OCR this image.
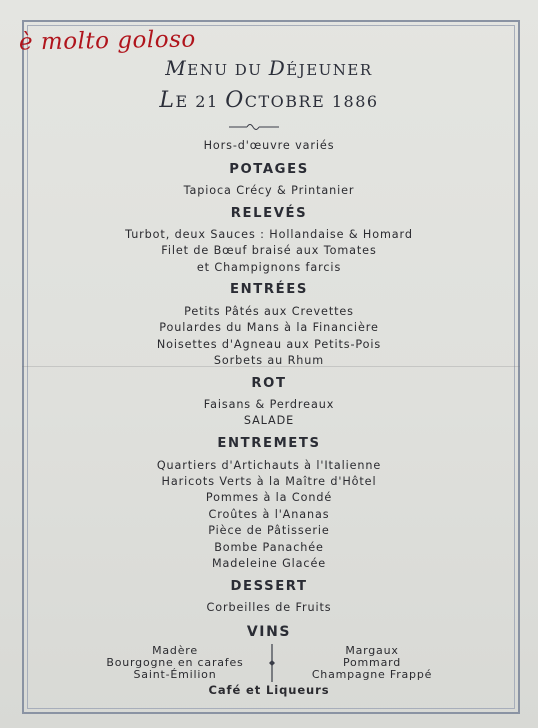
è molto goloso
MENU DU DÉJEUNER
LE 21 OCTOBRE 1886
Hors-d'œuvre variés
POTAGES
Tapioca Crécy & Printanier
RELEVÉS
Turbot, deux Sauces : Hollandaise & Homard
Filet de Bœuf braisé aux Tomates
et Champignons farcis
ENTRÉES
Petits Pâtés aux Crevettes
Poulardes du Mans à la Financière
Noisettes d'Agneau aux Petits-Pois
Sorbets au Rhum
ROT
Faisans & Perdreaux
SALADE
ENTREMETS
Quartiers d'Artichauts à l'Italienne
Haricots Verts à la Maître d'Hôtel
Pommes à la Condé
Croûtes à l'Ananas
Pièce de Pâtisserie
Bombe Panachée
Madeleine Glacée
DESSERT
Corbeilles de Fruits
VINS
Madère
Bourgogne en carafes
Saint-Émilion
Margaux
Pommard
Champagne Frappé
Café et Liqueurs
